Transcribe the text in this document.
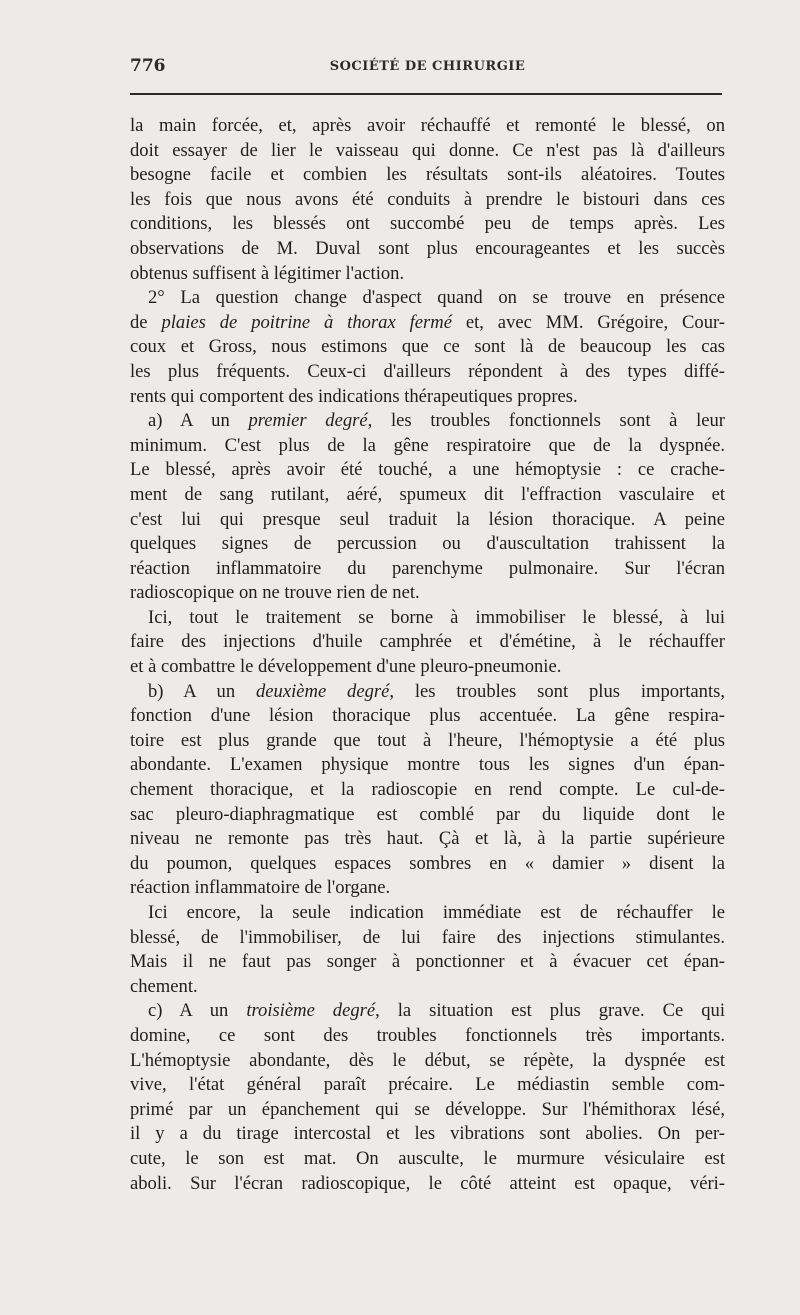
776	SOCIÉTÉ DE CHIRURGIE
la main forcée, et, après avoir réchauffé et remonté le blessé, on
doit essayer de lier le vaisseau qui donne. Ce n'est pas là d'ailleurs
besogne facile et combien les résultats sont-ils aléatoires. Toutes
les fois que nous avons été conduits à prendre le bistouri dans ces
conditions, les blessés ont succombé peu de temps après. Les
observations de M. Duval sont plus encourageantes et les succès
obtenus suffisent à légitimer l'action.
2° La question change d'aspect quand on se trouve en présence
de plaies de poitrine à thorax fermé et, avec MM. Grégoire, Cour-
coux et Gross, nous estimons que ce sont là de beaucoup les cas
les plus fréquents. Ceux-ci d'ailleurs répondent à des types diffé-
rents qui comportent des indications thérapeutiques propres.
a) A un premier degré, les troubles fonctionnels sont à leur
minimum. C'est plus de la gêne respiratoire que de la dyspnée.
Le blessé, après avoir été touché, a une hémoptysie : ce crache-
ment de sang rutilant, aéré, spumeux dit l'effraction vasculaire et
c'est lui qui presque seul traduit la lésion thoracique. A peine
quelques signes de percussion ou d'auscultation trahissent la
réaction inflammatoire du parenchyme pulmonaire. Sur l'écran
radioscopique on ne trouve rien de net.
Ici, tout le traitement se borne à immobiliser le blessé, à lui
faire des injections d'huile camphrée et d'émétine, à le réchauffer
et à combattre le développement d'une pleuro-pneumonie.
b) A un deuxième degré, les troubles sont plus importants,
fonction d'une lésion thoracique plus accentuée. La gêne respira-
toire est plus grande que tout à l'heure, l'hémoptysie a été plus
abondante. L'examen physique montre tous les signes d'un épan-
chement thoracique, et la radioscopie en rend compte. Le cul-de-
sac pleuro-diaphragmatique est comblé par du liquide dont le
niveau ne remonte pas très haut. Çà et là, à la partie supérieure
du poumon, quelques espaces sombres en « damier » disent la
réaction inflammatoire de l'organe.
Ici encore, la seule indication immédiate est de réchauffer le
blessé, de l'immobiliser, de lui faire des injections stimulantes.
Mais il ne faut pas songer à ponctionner et à évacuer cet épan-
chement.
c) A un troisième degré, la situation est plus grave. Ce qui
domine, ce sont des troubles fonctionnels très importants.
L'hémoptysie abondante, dès le début, se répète, la dyspnée est
vive, l'état général paraît précaire. Le médiastin semble com-
primé par un épanchement qui se développe. Sur l'hémithorax lésé,
il y a du tirage intercostal et les vibrations sont abolies. On per-
cute, le son est mat. On ausculte, le murmure vésiculaire est
aboli. Sur l'écran radioscopique, le côté atteint est opaque, véri-
